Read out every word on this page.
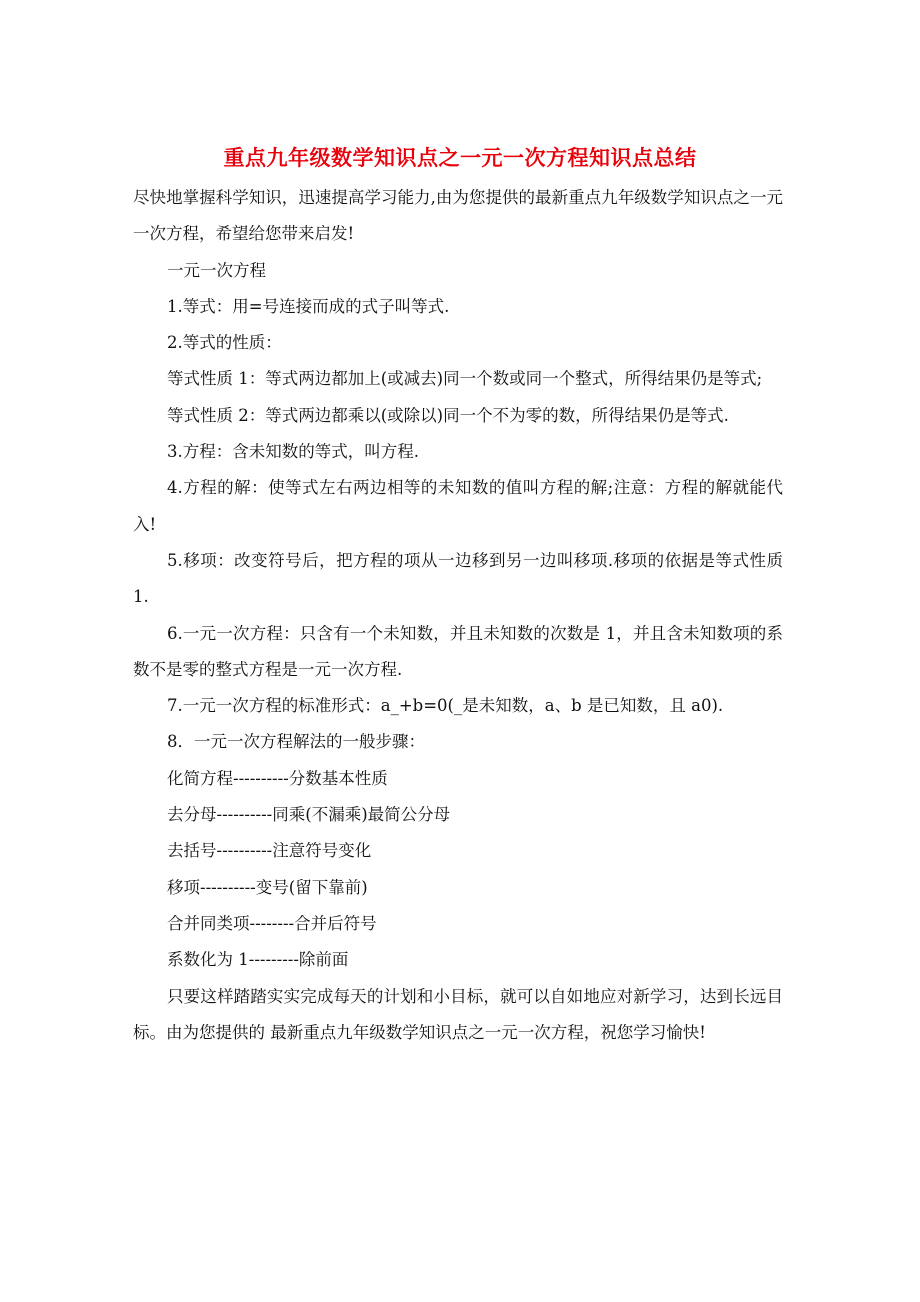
重点九年级数学知识点之一元一次方程知识点总结

尽快地掌握科学知识，迅速提高学习能力,由为您提供的最新重点九年级数学知识点之一元一次方程，希望给您带来启发!

一元一次方程

1.等式：用=号连接而成的式子叫等式.

2.等式的性质：

等式性质 1：等式两边都加上(或减去)同一个数或同一个整式，所得结果仍是等式;

等式性质 2：等式两边都乘以(或除以)同一个不为零的数，所得结果仍是等式.

3.方程：含未知数的等式，叫方程.

4.方程的解：使等式左右两边相等的未知数的值叫方程的解;注意：方程的解就能代入!

5.移项：改变符号后，把方程的项从一边移到另一边叫移项.移项的依据是等式性质 1.

6.一元一次方程：只含有一个未知数，并且未知数的次数是 1，并且含未知数项的系数不是零的整式方程是一元一次方程.

7.一元一次方程的标准形式：a_+b=0(_是未知数，a、b 是已知数，且 a0).

8．一元一次方程解法的一般步骤：

化简方程----------分数基本性质

去分母----------同乘(不漏乘)最简公分母

去括号----------注意符号变化

移项----------变号(留下靠前)

合并同类项--------合并后符号

系数化为 1---------除前面

只要这样踏踏实实完成每天的计划和小目标，就可以自如地应对新学习，达到长远目标。由为您提供的 最新重点九年级数学知识点之一元一次方程，祝您学习愉快!
